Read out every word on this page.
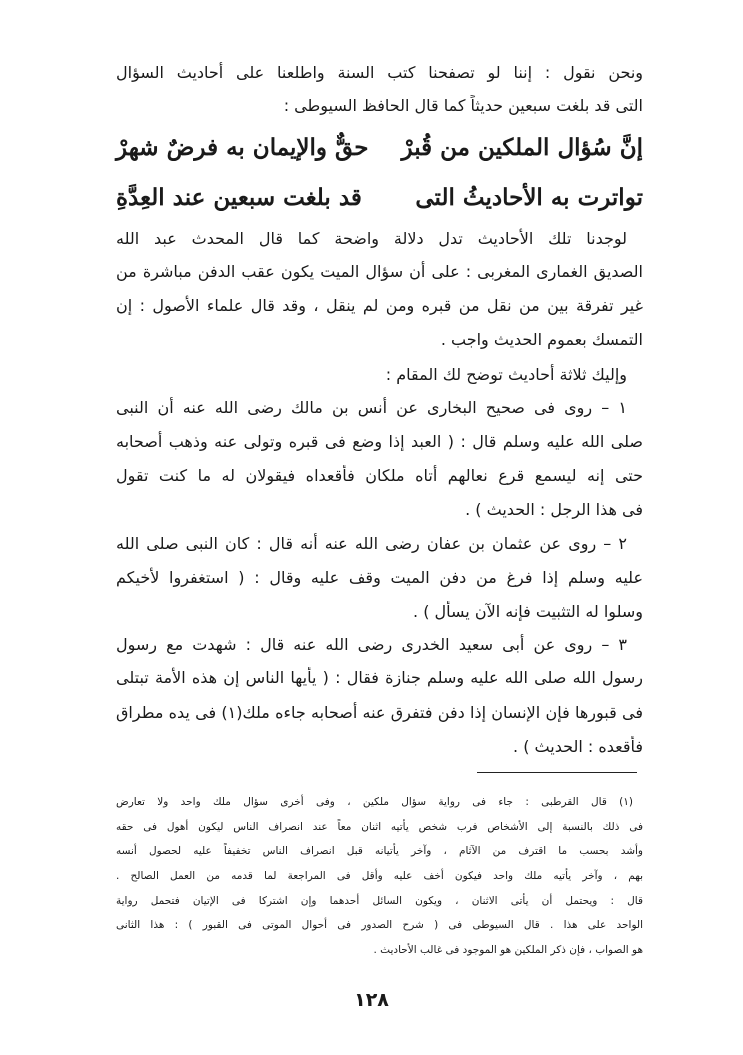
ونحن نقول : إننا لو تصفحنا كتب السنة واطلعنا على أحاديث السؤال

التى قد بلغت سبعين حديثاً كما قال الحافظ السيوطى :

إنَّ سُؤال الملكين من قُبرْ

حقٌّ والإيمان به فرضٌ شهرْ

تواترت به الأحاديثُ التى

قد بلغت سبعين عند العِدَّةِ

لوجدنا تلك الأحاديث تدل دلالة واضحة كما قال المحدث عبد الله

الصديق الغمارى المغربى : على أن سؤال الميت يكون عقب الدفن مباشرة من

غير تفرقة بين من نقل من قبره ومن لم ينقل ، وقد قال علماء الأصول : إن

التمسك بعموم الحديث واجب .

وإليك ثلاثة أحاديث توضح لك المقام :

١ – روى فى صحيح البخارى عن أنس بن مالك رضى الله عنه أن النبى

صلى الله عليه وسلم قال : ( العبد إذا وضع فى قبره وتولى عنه وذهب أصحابه

حتى إنه ليسمع قرع نعالهم أتاه ملكان فأقعداه فيقولان له ما كنت تقول

فى هذا الرجل : الحديث ) .

٢ – روى عن عثمان بن عفان رضى الله عنه أنه قال : كان النبى صلى الله

عليه وسلم إذا فرغ من دفن الميت وقف عليه وقال : ( استغفروا لأخيكم

وسلوا له التثبيت فإنه الآن يسأل ) .

٣ – روى عن أبى سعيد الخدرى رضى الله عنه قال : شهدت مع رسول

رسول الله صلى الله عليه وسلم جنازة فقال : ( يأيها الناس إن هذه الأمة تبتلى

فى قبورها فإن الإنسان إذا دفن فتفرق عنه أصحابه جاءه ملك(١) فى يده مطراق

فأقعده : الحديث ) .

(١) قال القرطبى : جاء فى رواية سؤال ملكين ، وفى أخرى سؤال ملك واحد ولا تعارض

فى ذلك بالنسبة إلى الأشخاص فرب شخص يأتيه اثنان معاً عند انصراف الناس ليكون أهول فى حقه

وأشد بحسب ما اقترف من الآثام ، وآخر يأتيانه قبل انصراف الناس تخفيفاً عليه لحصول أنسه

بهم ، وآخر يأتيه ملك واحد فيكون أخف عليه وأقل فى المراجعة لما قدمه من العمل الصالح .

قال : ويحتمل أن يأتى الاثنان ، ويكون السائل أحدهما وإن اشتركا فى الإتيان فتحمل رواية

الواحد على هذا . قال السيوطى فى ( شرح الصدور فى أحوال الموتى فى القبور ) : هذا الثانى

هو الصواب ، فإن ذكر الملكين هو الموجود فى غالب الأحاديث .

١٢٨
